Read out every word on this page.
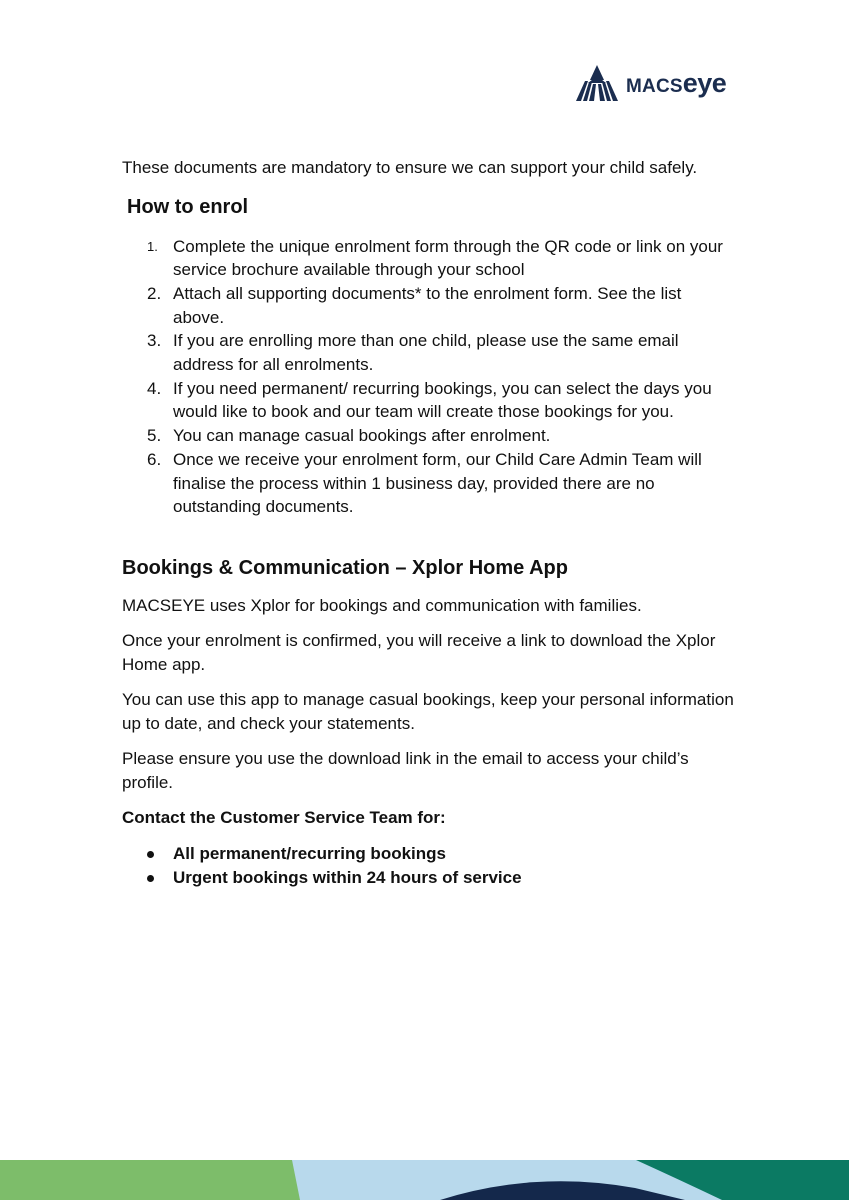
MACS eye

These documents are mandatory to ensure we can support your child safely.

How to enrol
1. Complete the unique enrolment form through the QR code or link on your service brochure available through your school
2. Attach all supporting documents* to the enrolment form. See the list above.
3. If you are enrolling more than one child, please use the same email address for all enrolments.
4. If you need permanent/ recurring bookings, you can select the days you would like to book and our team will create those bookings for you.
5. You can manage casual bookings after enrolment.
6. Once we receive your enrolment form, our Child Care Admin Team will finalise the process within 1 business day, provided there are no outstanding documents.
Bookings & Communication – Xplor Home App

MACSEYE uses Xplor for bookings and communication with families.

Once your enrolment is confirmed, you will receive a link to download the Xplor Home app.

You can use this app to manage casual bookings, keep your personal information up to date, and check your statements.

Please ensure you use the download link in the email to access your child’s profile.

Contact the Customer Service Team for:

All permanent/recurring bookings
Urgent bookings within 24 hours of service
